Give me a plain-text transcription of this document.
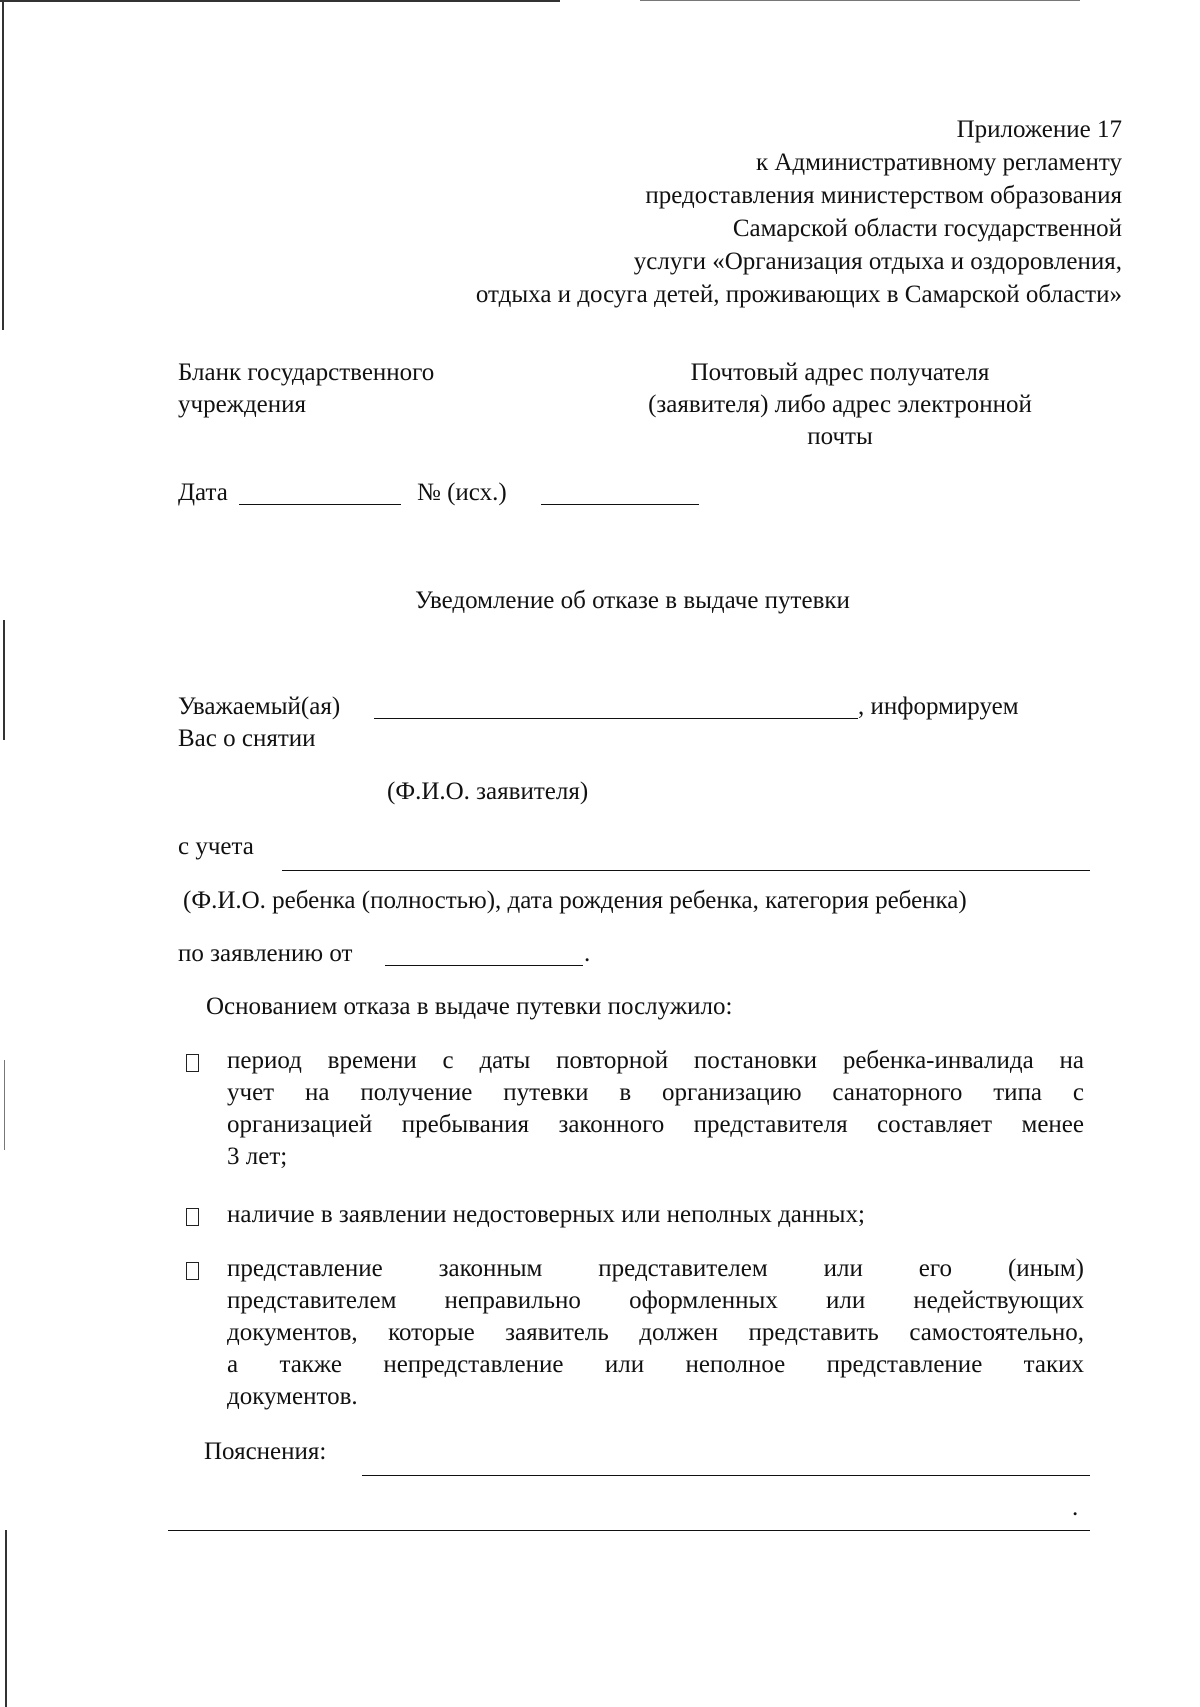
Приложение 17
к Административному регламенту
предоставления министерством образования
Самарской области государственной
услуги «Организация отдыха и оздоровления,
отдыха и досуга детей, проживающих в Самарской области»
Бланк государственного
учреждения
Почтовый адрес получателя
(заявителя) либо адрес электронной
почты
Дата	№ (исх.)
Уведомление об отказе в выдаче путевки
Уважаемый(ая)	, информируем
Вас о снятии
(Ф.И.О. заявителя)
с учета
(Ф.И.О. ребенка (полностью), дата рождения ребенка, категория ребенка)
по заявлению от	.
Основанием отказа в выдаче путевки послужило:
период времени с даты повторной постановки ребенка-инвалида на
учет на получение путевки в организацию санаторного типа с
организацией пребывания законного представителя составляет менее
3 лет;
наличие в заявлении недостоверных или неполных данных;
представление законным представителем или его (иным)
представителем неправильно оформленных или недействующих
документов, которые заявитель должен представить самостоятельно,
а также непредставление или неполное представление таких
документов.
Пояснения:
.
